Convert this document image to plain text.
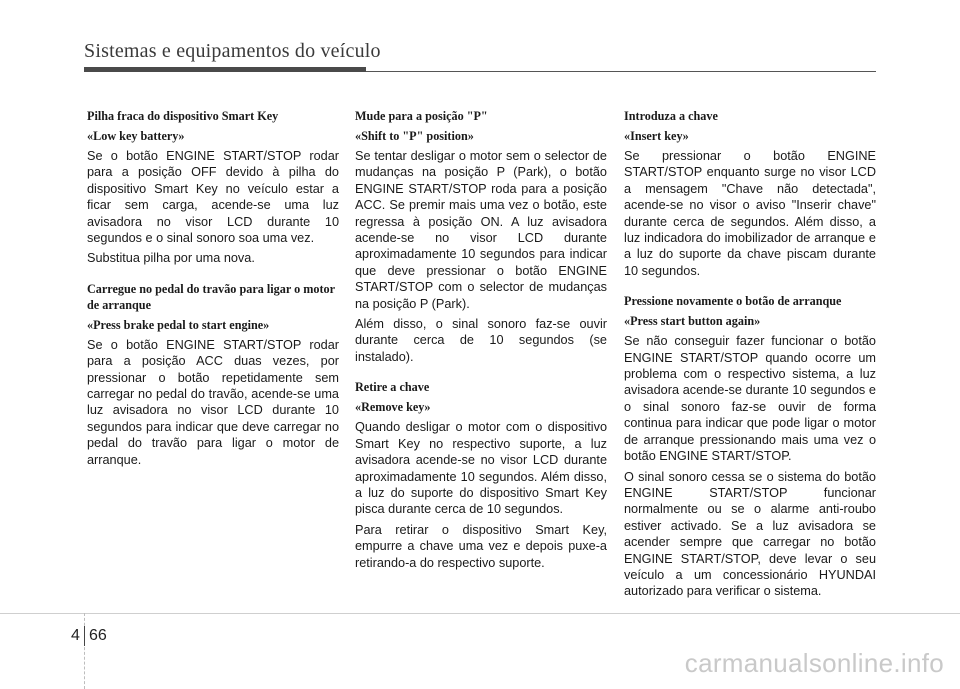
Sistemas e equipamentos do veículo
Pilha fraca do dispositivo Smart Key
«Low key battery»
Se o botão ENGINE START/STOP rodar para a posição OFF devido à pilha do dispositivo Smart Key no veículo estar a ficar sem carga, acende-se uma luz avisadora no visor LCD durante 10 segundos e o sinal sonoro soa uma vez.
Substitua pilha por uma nova.
Carregue no pedal do travão para ligar o motor de arranque
«Press brake pedal to start engine»
Se o botão ENGINE START/STOP rodar para a posição ACC duas vezes, por pressionar o botão repetidamente sem carregar no pedal do travão, acende-se uma luz avisadora no visor LCD durante 10 segundos para indicar que deve carregar no pedal do travão para ligar o motor de arranque.
Mude para a posição "P"
«Shift to "P" position»
Se tentar desligar o motor sem o selector de mudanças na posição P (Park), o botão ENGINE START/STOP roda para a posição ACC. Se premir mais uma vez o botão, este regressa à posição ON. A luz avisadora acende-se no visor LCD durante aproximadamente 10 segundos para indicar que deve pressionar o botão ENGINE START/STOP com o selector de mudanças na posição P (Park).
Além disso, o sinal sonoro faz-se ouvir durante cerca de 10 segundos (se instalado).
Retire a chave
«Remove key»
Quando desligar o motor com o dispositivo Smart Key no respectivo suporte, a luz avisadora acende-se no visor LCD durante aproximadamente 10 segundos. Além disso, a luz do suporte do dispositivo Smart Key pisca durante cerca de 10 segundos.
Para retirar o dispositivo Smart Key, empurre a chave uma vez e depois puxe-a retirando-a do respectivo suporte.
Introduza a chave
«Insert key»
Se pressionar o botão ENGINE START/STOP enquanto surge no visor LCD a mensagem "Chave não detectada", acende-se no visor o aviso "Inserir chave" durante cerca de segundos. Além disso, a luz indicadora do imobilizador de arranque e a luz do suporte da chave piscam durante 10 segundos.
Pressione novamente o botão de arranque
«Press start button again»
Se não conseguir fazer funcionar o botão ENGINE START/STOP quando ocorre um problema com o respectivo sistema, a luz avisadora acende-se durante 10 segundos e o sinal sonoro faz-se ouvir de forma continua para indicar que pode ligar o motor de arranque pressionando mais uma vez o botão ENGINE START/STOP.
O sinal sonoro cessa se o sistema do botão ENGINE START/STOP funcionar normalmente ou se o alarme anti-roubo estiver activado. Se a luz avisadora se acender sempre que carregar no botão ENGINE START/STOP, deve levar o seu veículo a um concessionário HYUNDAI autorizado para verificar o sistema.
4 66
carmanualsonline.info
